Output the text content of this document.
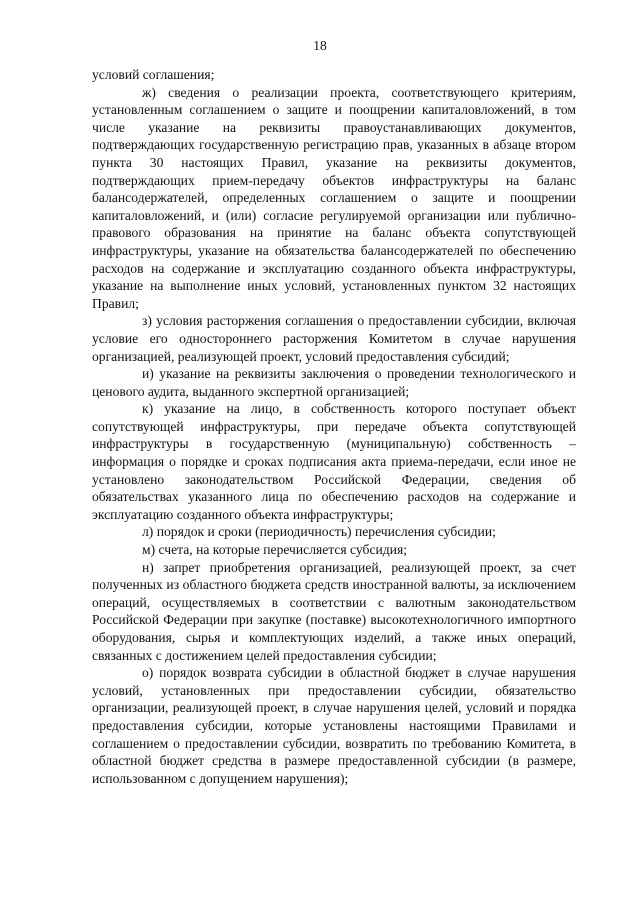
18

условий соглашения;

ж) сведения о реализации проекта, соответствующего критериям, установленным соглашением о защите и поощрении капиталовложений, в том числе указание на реквизиты правоустанавливающих документов, подтверждающих государственную регистрацию прав, указанных в абзаце втором пункта 30 настоящих Правил, указание на реквизиты документов, подтверждающих прием-передачу объектов инфраструктуры на баланс балансодержателей, определенных соглашением о защите и поощрении капиталовложений, и (или) согласие регулируемой организации или публично-правового образования на принятие на баланс объекта сопутствующей инфраструктуры, указание на обязательства балансодержателей по обеспечению расходов на содержание и эксплуатацию созданного объекта инфраструктуры, указание на выполнение иных условий, установленных пунктом 32 настоящих Правил;

з) условия расторжения соглашения о предоставлении субсидии, включая условие его одностороннего расторжения Комитетом в случае нарушения организацией, реализующей проект, условий предоставления субсидий;

и) указание на реквизиты заключения о проведении технологического и ценового аудита, выданного экспертной организацией;

к) указание на лицо, в собственность которого поступает объект сопутствующей инфраструктуры, при передаче объекта сопутствующей инфраструктуры в государственную (муниципальную) собственность – информация о порядке и сроках подписания акта приема-передачи, если иное не установлено законодательством Российской Федерации, сведения об обязательствах указанного лица по обеспечению расходов на содержание и эксплуатацию созданного объекта инфраструктуры;

л) порядок и сроки (периодичность) перечисления субсидии;

м) счета, на которые перечисляется субсидия;

н) запрет приобретения организацией, реализующей проект, за счет полученных из областного бюджета средств иностранной валюты, за исключением операций, осуществляемых в соответствии с валютным законодательством Российской Федерации при закупке (поставке) высокотехнологичного импортного оборудования, сырья и комплектующих изделий, а также иных операций, связанных с достижением целей предоставления субсидии;

о) порядок возврата субсидии в областной бюджет в случае нарушения условий, установленных при предоставлении субсидии, обязательство организации, реализующей проект, в случае нарушения целей, условий и порядка предоставления субсидии, которые установлены настоящими Правилами и соглашением о предоставлении субсидии, возвратить по требованию Комитета, в областной бюджет средства в размере предоставленной субсидии (в размере, использованном с допущением нарушения);
